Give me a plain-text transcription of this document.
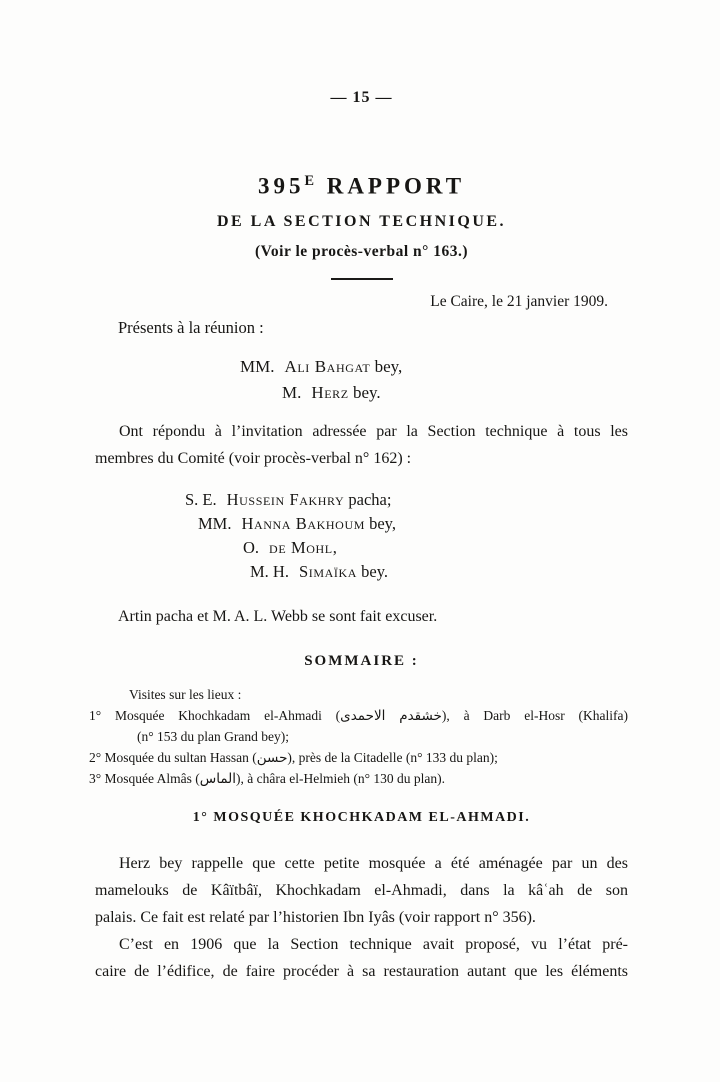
— 15 —
$395^E$ RAPPORT
DE LA SECTION TECHNIQUE.
(Voir le procès-verbal n° 163.)
Le Caire, le 21 janvier 1909.
Présents à la réunion :
MM. Ali Bahgat bey,
M. Herz bey.
Ont répondu à l’invitation adressée par la Section technique à tous les
membres du Comité (voir procès-verbal n° 162) :
S. E. Hussein Fakhry pacha;
MM. Hanna Bakhoum bey,
O. de Mohl,
M. H. Simaïka bey.
Artin pacha et M. A. L. Webb se sont fait excuser.
SOMMAIRE :
Visites sur les lieux :
1° Mosquée Khochkadam el-Ahmadi (خشقدم الاحمدى), à Darb el-Hosr (Khalifa)
(n° 153 du plan Grand bey);
2° Mosquée du sultan Hassan (حسن), près de la Citadelle (n° 133 du plan);
3° Mosquée Almâs (الماس), à châra el-Helmieh (n° 130 du plan).
1° MOSQUÉE KHOCHKADAM EL-AHMADI.
Herz bey rappelle que cette petite mosquée a été aménagée par un des
mamelouks de Kâïtbâï, Khochkadam el-Ahmadi, dans la kâʿah de son
palais. Ce fait est relaté par l’historien Ibn Iyâs (voir rapport n° 356).
C’est en 1906 que la Section technique avait proposé, vu l’état pré-
caire de l’édifice, de faire procéder à sa restauration autant que les éléments
